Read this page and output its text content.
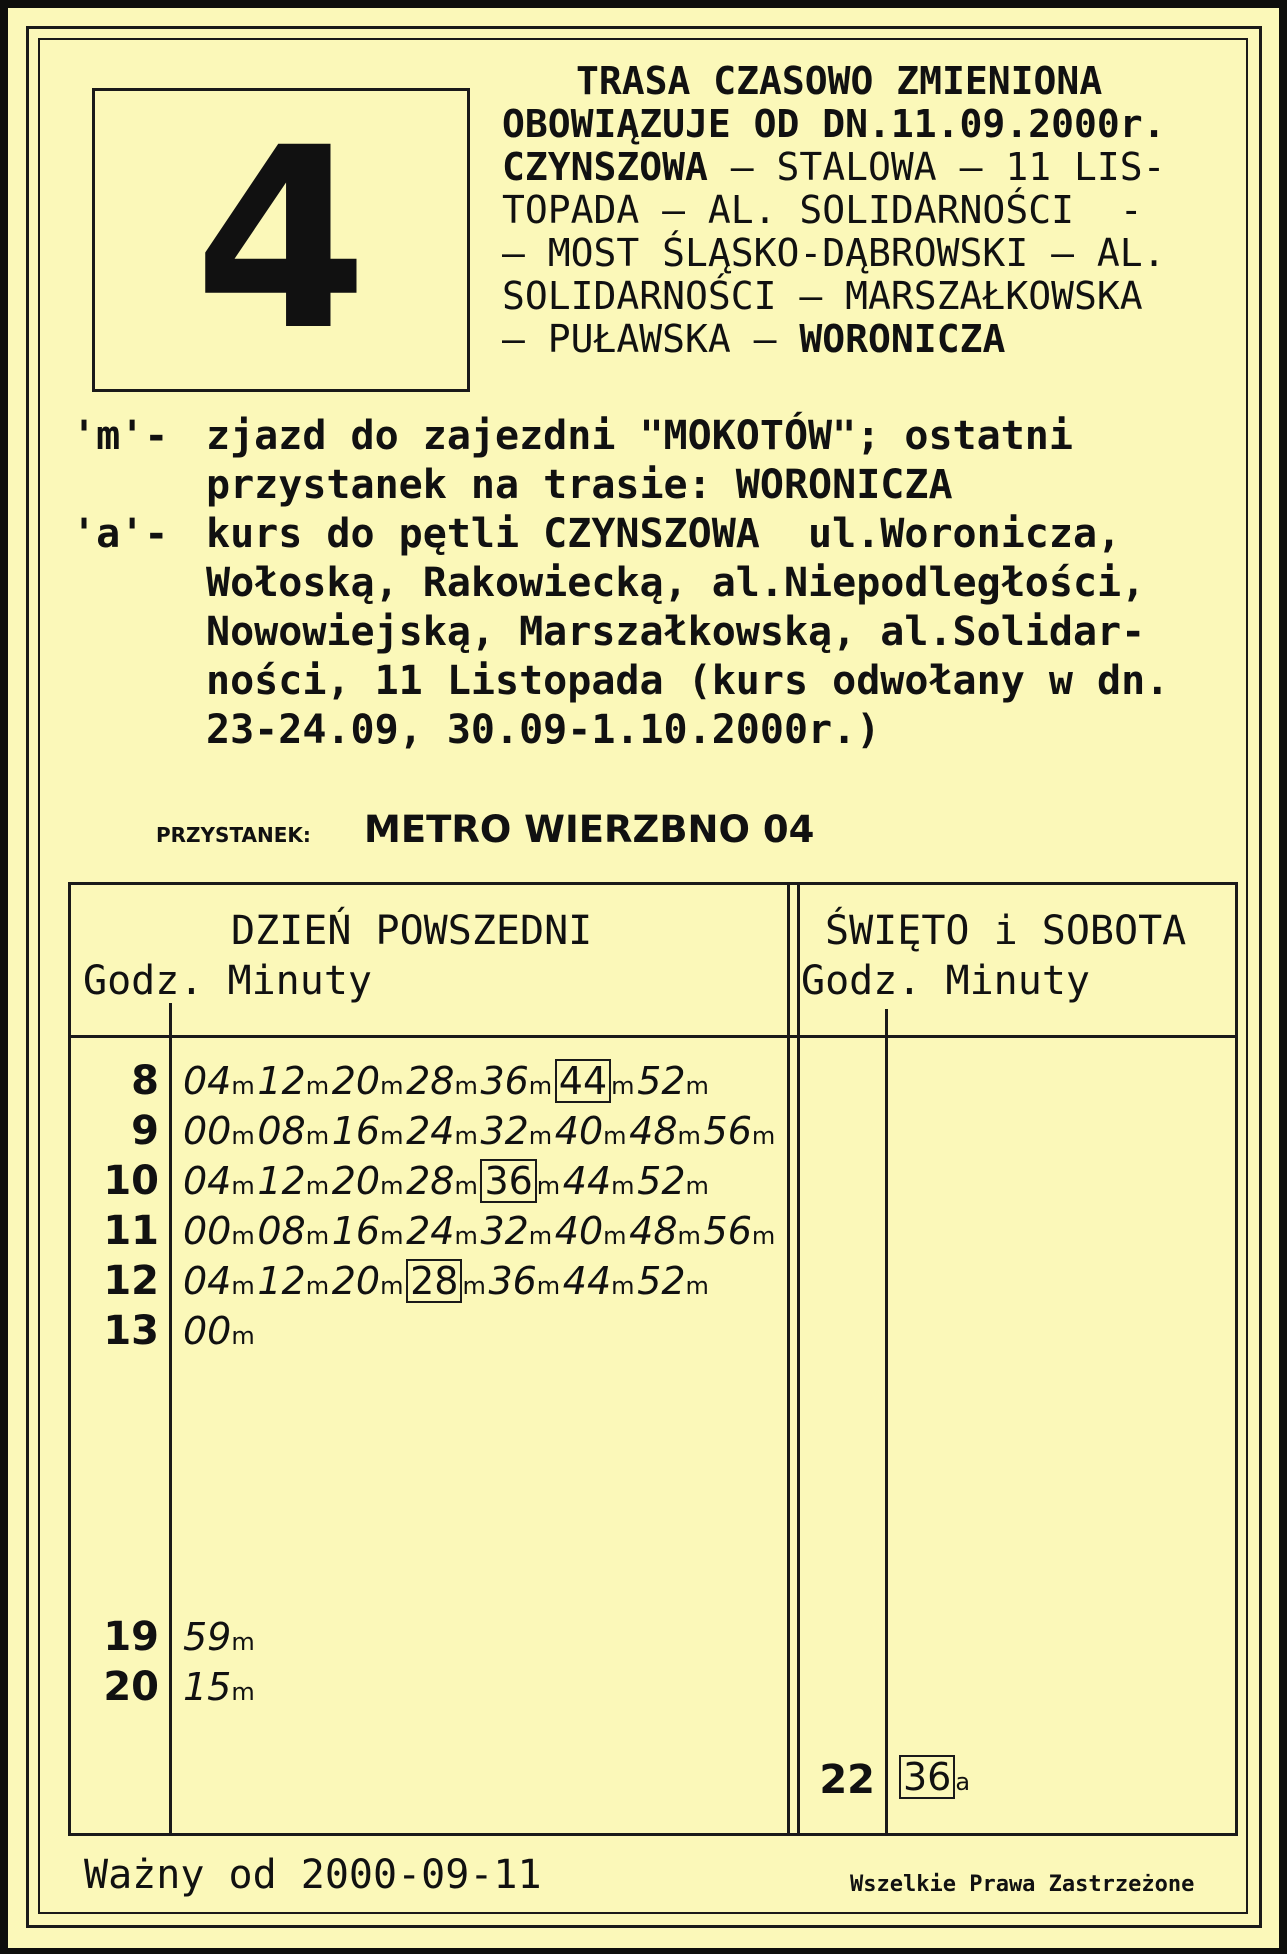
4
TRASA CZASOWO ZMIENIONA
OBOWIĄZUJE OD DN.11.09.2000r.
CZYNSZOWA – STALOWA – 11 LIS-
TOPADA – AL. SOLIDARNOŚCI  -
– MOST ŚLĄSKO-DĄBROWSKI – AL.
SOLIDARNOŚCI – MARSZAŁKOWSKA
– PUŁAWSKA – WORONICZA
'm'- zjazd do zajezdni "MOKOTÓW"; ostatni
przystanek na trasie: WORONICZA
'a'- kurs do pętli CZYNSZOWA  ul.Woronicza,
Wołoską, Rakowiecką, al.Niepodległości,
Nowowiejską, Marszałkowską, al.Solidar-
ności, 11 Listopada (kurs odwołany w dn.
23-24.09, 30.09-1.10.2000r.)
PRZYSTANEK:	METRO WIERZBNO 04
DZIEŃ POWSZEDNI
Godz. Minuty
ŚWIĘTO i SOBOTA
Godz. Minuty
8 04 m 12 m 20 m 28 m 36 m 44 m 52 m
9 00 m 08 m 16 m 24 m 32 m 40 m 48 m 56 m
10 04 m 12 m 20 m 28 m 36 m 44 m 52 m
11 00 m 08 m 16 m 24 m 32 m 40 m 48 m 56 m
12 04 m 12 m 20 m 28 m 36 m 44 m 52 m
13 00 m
19 59 m
20 15 m
22 36 a
Ważny od 2000-09-11	Wszelkie Prawa Zastrzeżone
